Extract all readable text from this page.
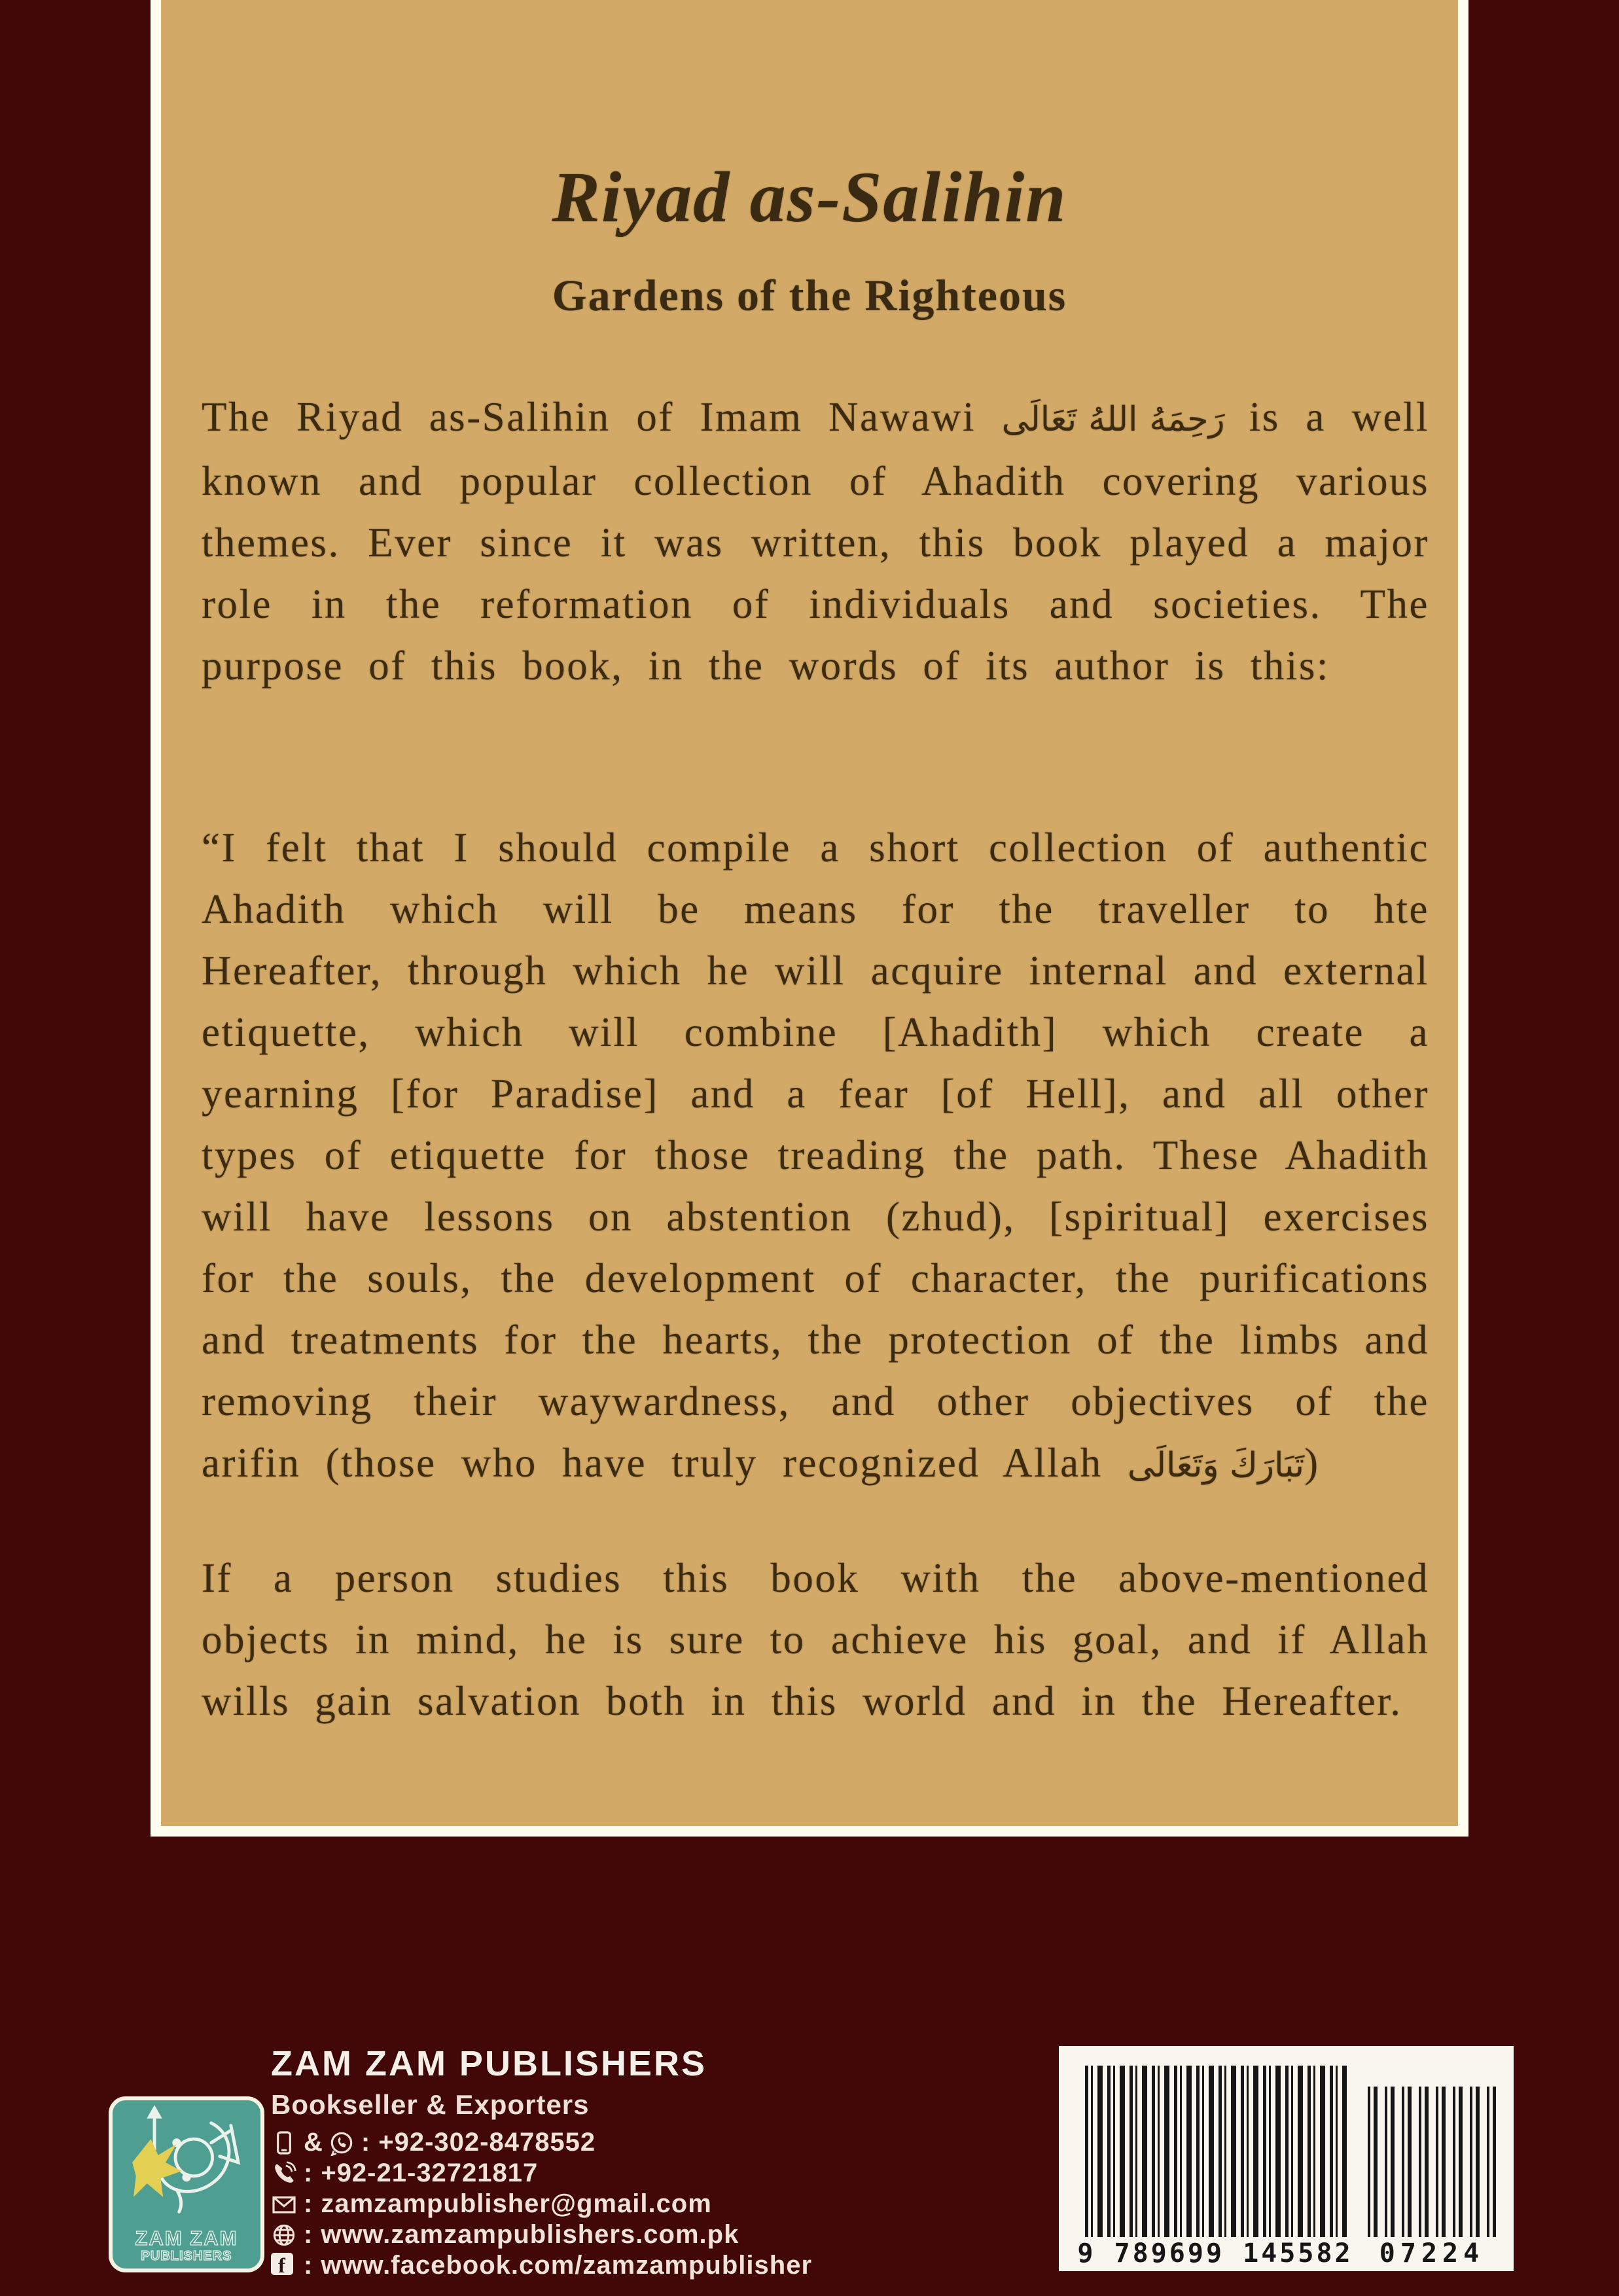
Riyad as-Salihin
Gardens of the Righteous

The Riyad as-Salihin of Imam Nawawi رَحِمَهُ اللهُ تَعَالَى is a well known and popular collection of Ahadith covering various themes. Ever since it was written, this book played a major role in the reformation of individuals and societies. The purpose of this book, in the words of its author is this:

“I felt that I should compile a short collection of authentic Ahadith which will be means for the traveller to hte Hereafter, through which he will acquire internal and external etiquette, which will combine [Ahadith] which create a yearning [for Paradise] and a fear [of Hell], and all other types of etiquette for those treading the path. These Ahadith will have lessons on abstention (zhud), [spiritual] exercises for the souls, the development of character, the purifications and treatments for the hearts, the protection of the limbs and removing their waywardness, and other objectives of the arifin (those who have truly recognized Allah تَبَارَكَ وَتَعَالَى)

If a person studies this book with the above-mentioned objects in mind, he is sure to achieve his goal, and if Allah wills gain salvation both in this world and in the Hereafter.

ZAM ZAM
PUBLISHERS

ZAM ZAM PUBLISHERS

Bookseller & Exporters

& : +92-302-8478552
: +92-21-32721817
: zamzampublisher@gmail.com
: www.zamzampublishers.com.pk
f : www.facebook.com/zamzampublisher	9 789699 145582	07224
